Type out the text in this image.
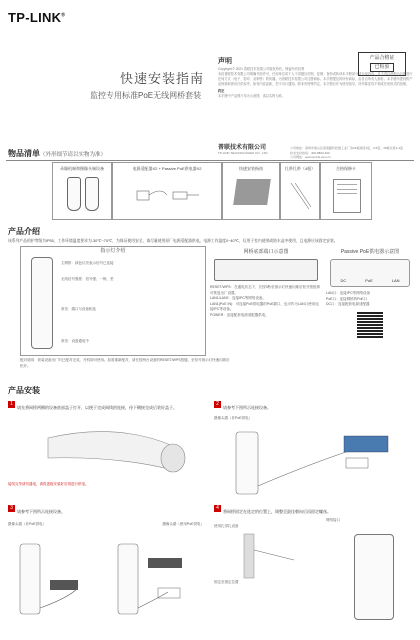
TP-LINK®
快速安装指南
监控专用标准PoE无线网桥套装
产品合格证
已检验
声明
Copyright © 2021 普联技术有限公司版权所有，保留所有权利
未经普联技术有限公司明确书面许可，任何单位或个人不得擅自仿制、复制、誊抄或转译本手册部分或全部内容，且不得以营利为目的进行任何方式（电子、影印、录制等）的传播。为普联技术有限公司注册商标。本手册提及的所有商标，由各自所有人拥有。本手册所提到的产品规格和资讯仅供参考，如有内容更新，恕不另行通知。除非有特殊约定，本手册仅作为使用指导，所作陈述均不构成任何形式的担保。
约定
本手册中产品图片均为示意图，请以实物为准。
普联技术有限公司
TP-LINK TECHNOLOGIES CO., LTD.
公司地址：深圳市南山区深南路科技园工业厂房24栋南段1层、3-5层、28栋北段1-4层
技术支持热线：400-8863-400
公司网址：www.tp-link.com.cn
物品清单（外形细节请以实物为准）
录像机端和摄像头端设备	电源适配器X2 + Passive PoE供电器X2	快速安装指南	扎带扎带（4根）	合格保修卡
产品介绍
该系列产品的护等级为IP55，工作环境温度要求为-30℃~70℃，为保证使用安全，请尽量使用原厂电源适配器供电。电源工作温度0~40℃，仅用于室内使用或防水盒中使用，且电源应该固定安装。
指示灯介绍
主网桥：绿色灯亮表示信号已连接
无线信号强度：信号强、一般、差
常亮：端口与设备相连
常亮：设备通电中
网桥底部端口示意图
RESET/WPS：在通电状态下，长按3秒至指示灯快速闪烁后松开按钮即可恢复出厂设置。
LAN1/LAN2：连接IPC等网络设备。
LAN1(PoE IN)：可连接PoE供电器的PoE端口，也可作为LAN口使用连接IPC等设备。
POWER：连接配套电源适配器供电。
Passive PoE供电器示意图
DC	PoE	LAN
LAN口：连接IPC等网络设备
PoE口：连接网桥的PoE口
DC口：连接配套电源适配器
配对说明：套装设备出厂时已配对完成，开机即可使用。如需重新配对，请长按两台设备的RESET/WPS按键，至信号指示灯快速闪烁后松开。
产品安装
1请先将网桥两侧的设备底部盖子打开，以便于完成网线的连接，待下侧接完成后装好盖子。
接线完毕请勿通电，请将盖板安装好后再进行供电。
2请参考下图所示连接设备。
摄像头端（非PoE供电）
3请参考下图所示连接设备。
摄像头端（非PoE供电）	摄像头端（使用PoE供电）
4将网桥固定在选定的位置上，调整至最佳朝向后再固定螺丝。
使用扎带扎设备
固定至指定位置
网络接口
